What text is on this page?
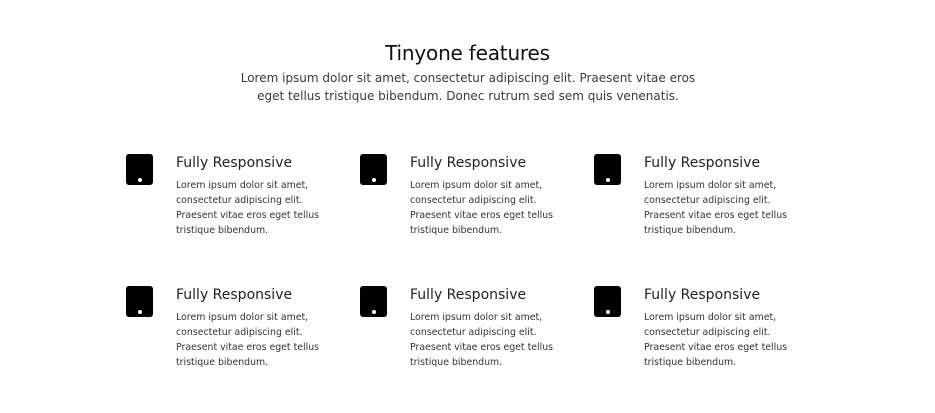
Tinyone features

Lorem ipsum dolor sit amet, consectetur adipiscing elit. Praesent vitae eros eget tellus tristique bibendum. Donec rutrum sed sem quis venenatis.

Fully Responsive

Lorem ipsum dolor sit amet, consectetur adipiscing elit. Praesent vitae eros eget tellus tristique bibendum.

Fully Responsive

Lorem ipsum dolor sit amet, consectetur adipiscing elit. Praesent vitae eros eget tellus tristique bibendum.

Fully Responsive

Lorem ipsum dolor sit amet, consectetur adipiscing elit. Praesent vitae eros eget tellus tristique bibendum.

Fully Responsive

Lorem ipsum dolor sit amet, consectetur adipiscing elit. Praesent vitae eros eget tellus tristique bibendum.

Fully Responsive

Lorem ipsum dolor sit amet, consectetur adipiscing elit. Praesent vitae eros eget tellus tristique bibendum.

Fully Responsive

Lorem ipsum dolor sit amet, consectetur adipiscing elit. Praesent vitae eros eget tellus tristique bibendum.
